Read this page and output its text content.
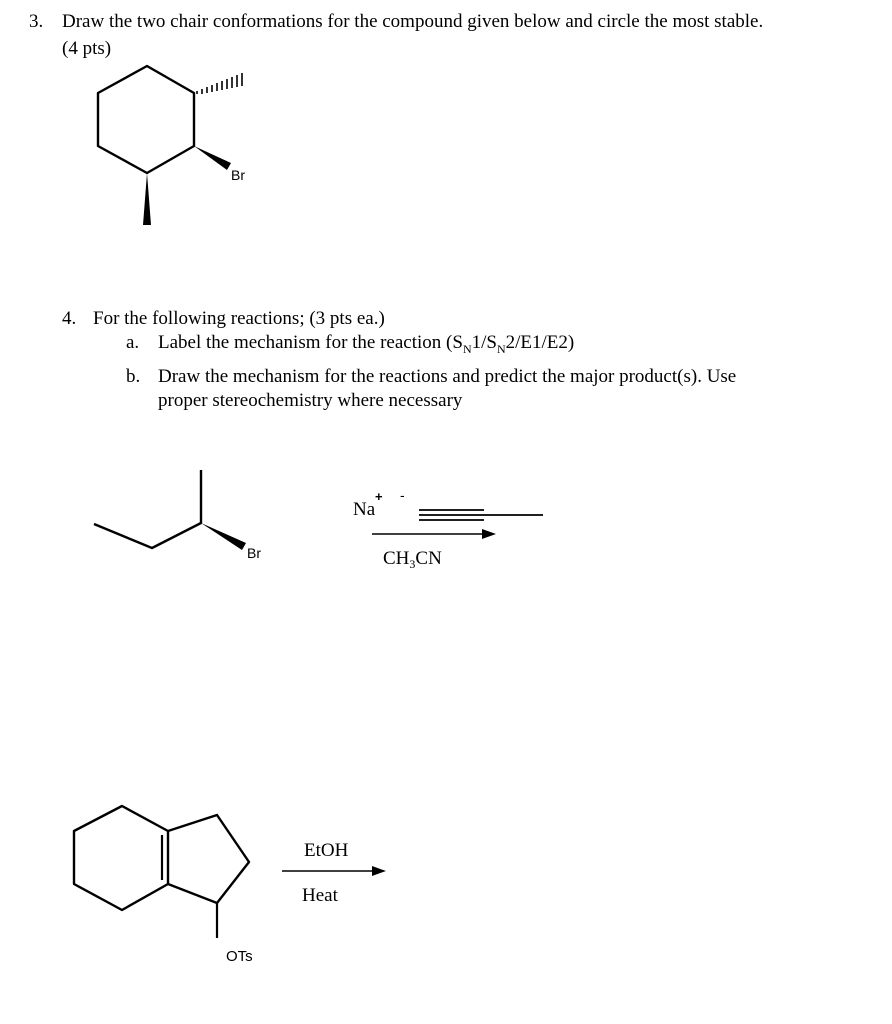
3. Draw the two chair conformations for the compound given below and circle the most stable.
(4 pts)
Br
4. For the following reactions; (3 pts ea.)
a. Label the mechanism for the reaction $(S_N1/S_N2/E1/E2)$
b. Draw the mechanism for the reactions and predict the major product(s). Use
proper stereochemistry where necessary
Br
Na
+ -
$CH_3CN$
OTs
EtOH
Heat
